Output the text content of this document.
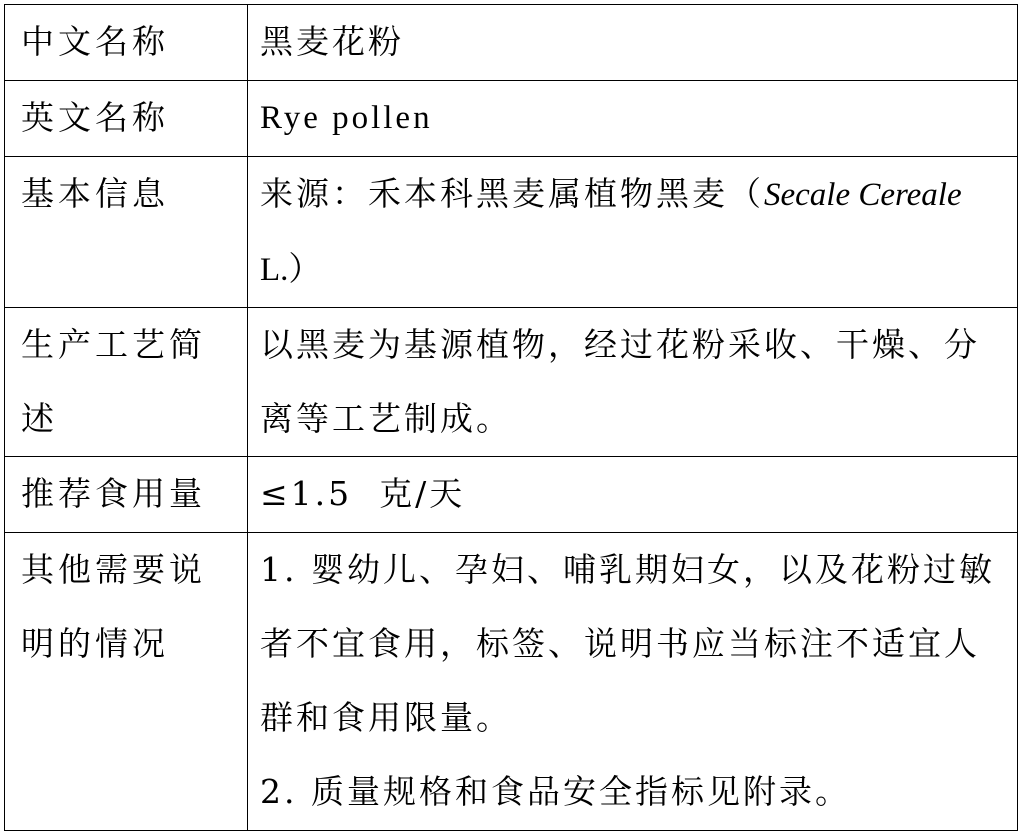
中文名称	黑麦花粉
英文名称	Rye pollen
基本信息	来源：禾本科黑麦属植物黑麦（Secale Cereale
L.）
生产工艺简述	以黑麦为基源植物，经过花粉采收、干燥、分离等工艺制成。
推荐食用量	≤1.5  克/天
其他需要说明的情况	1. 婴幼儿、孕妇、哺乳期妇女，以及花粉过敏者不宜食用，标签、说明书应当标注不适宜人群和食用限量。
2. 质量规格和食品安全指标见附录。
